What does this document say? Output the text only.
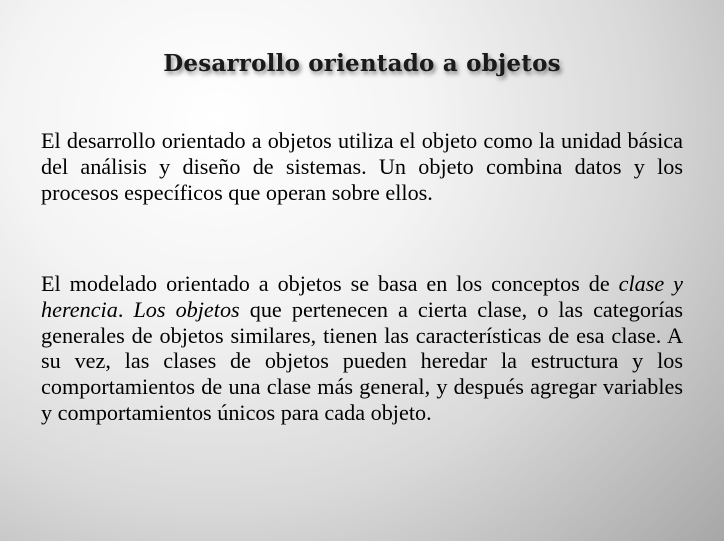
Desarrollo orientado a objetos

El desarrollo orientado a objetos utiliza el objeto como la unidad básica del análisis y diseño de sistemas. Un objeto combina datos y los procesos específicos que operan sobre ellos.

El modelado orientado a objetos se basa en los conceptos de clase y herencia. Los objetos que pertenecen a cierta clase, o las categorías generales de objetos similares, tienen las características de esa clase. A su vez, las clases de objetos pueden heredar la estructura y los comportamientos de una clase más general, y después agregar variables y comportamientos únicos para cada objeto.
